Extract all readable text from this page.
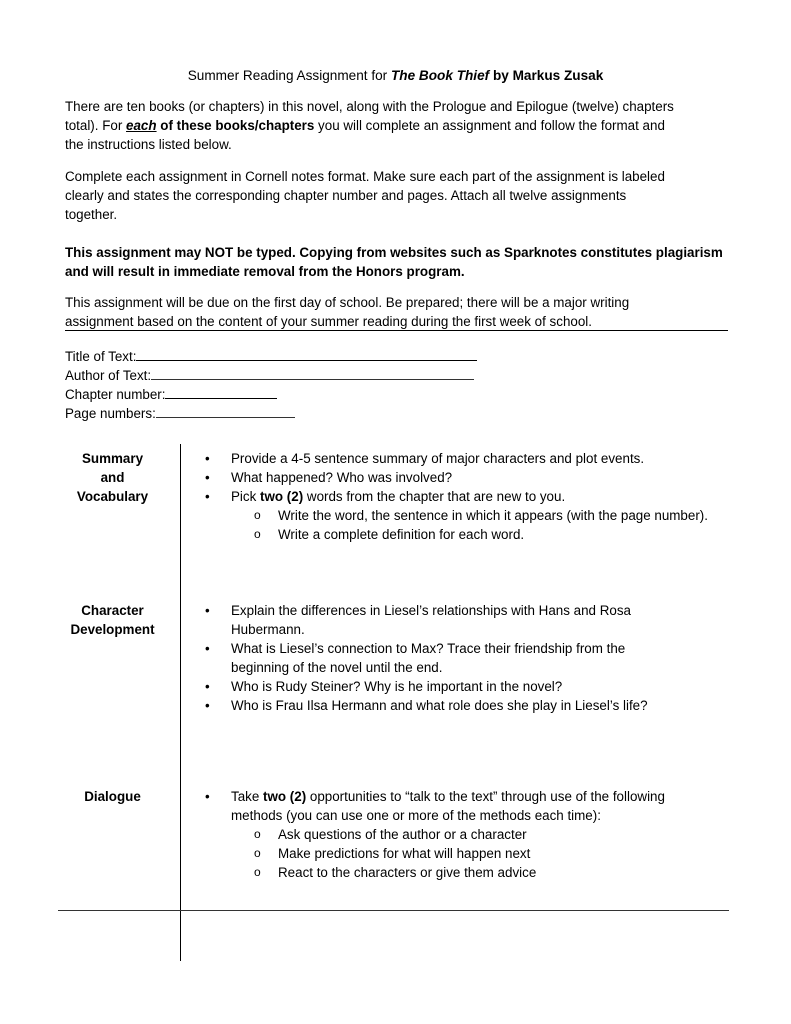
Summer Reading Assignment for The Book Thief by Markus Zusak
There are ten books (or chapters) in this novel, along with the Prologue and Epilogue (twelve) chapters
total). For each of these books/chapters you will complete an assignment and follow the format and
the instructions listed below.
Complete each assignment in Cornell notes format. Make sure each part of the assignment is labeled
clearly and states the corresponding chapter number and pages. Attach all twelve assignments
together.
This assignment may NOT be typed. Copying from websites such as Sparknotes constitutes plagiarism
and will result in immediate removal from the Honors program.
This assignment will be due on the first day of school. Be prepared; there will be a major writing
assignment based on the content of your summer reading during the first week of school.
Title of Text:
Author of Text:
Chapter number:
Page numbers:
Summary
and
Vocabulary
• Provide a 4-5 sentence summary of major characters and plot events.
• What happened? Who was involved?
• Pick two (2) words from the chapter that are new to you.
o Write the word, the sentence in which it appears (with the page number).
o Write a complete definition for each word.
Character
Development
• Explain the differences in Liesel’s relationships with Hans and Rosa
Hubermann.
• What is Liesel’s connection to Max? Trace their friendship from the
beginning of the novel until the end.
• Who is Rudy Steiner? Why is he important in the novel?
• Who is Frau Ilsa Hermann and what role does she play in Liesel’s life?
Dialogue
•	Take two (2) opportunities to “talk to the text” through use of the following
methods (you can use one or more of the methods each time):
o Ask questions of the author or a character
o Make predictions for what will happen next
o React to the characters or give them advice
